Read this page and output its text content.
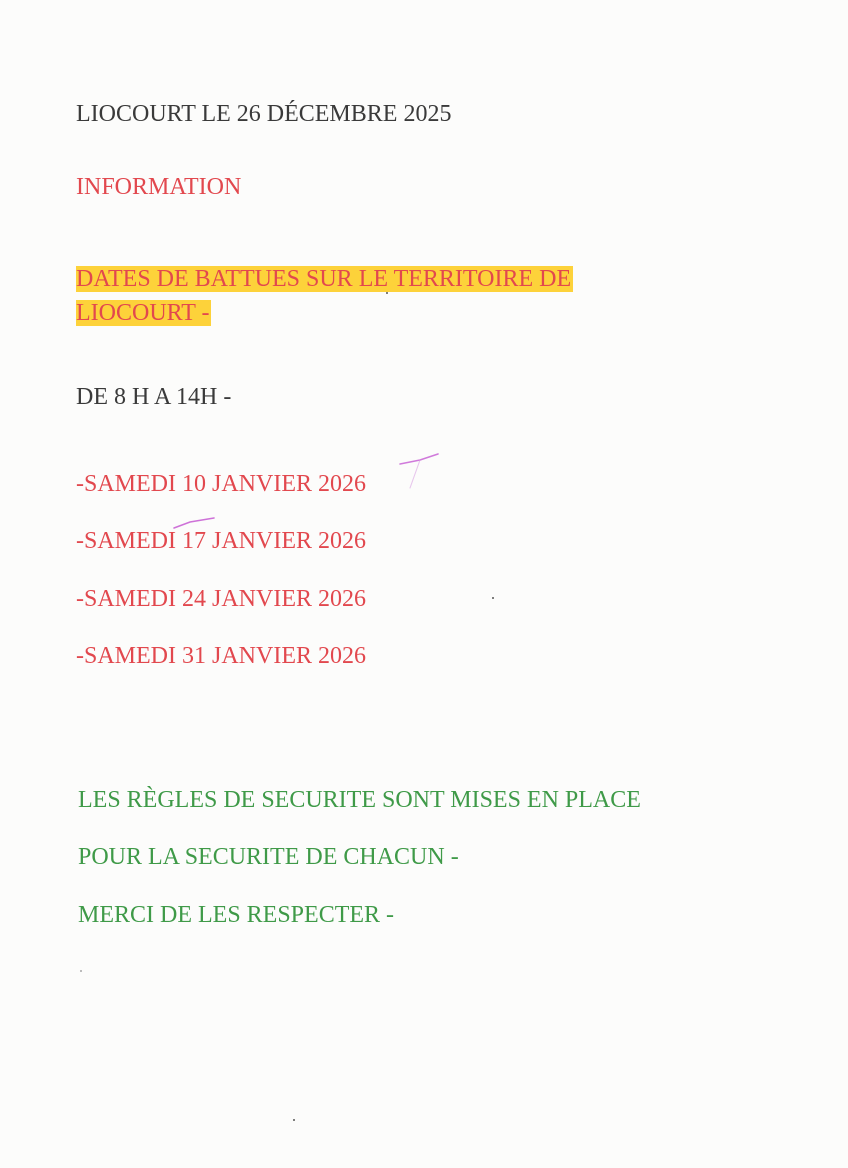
LIOCOURT LE 26 DÉCEMBRE 2025
INFORMATION
DATES DE BATTUES SUR LE TERRITOIRE DE
LIOCOURT -
DE 8 H A 14H -
-SAMEDI 10 JANVIER 2026
-SAMEDI 17 JANVIER 2026
-SAMEDI 24 JANVIER 2026
-SAMEDI 31 JANVIER 2026
LES RÈGLES DE SECURITE SONT MISES EN PLACE
POUR LA SECURITE DE CHACUN -
MERCI DE LES RESPECTER -
